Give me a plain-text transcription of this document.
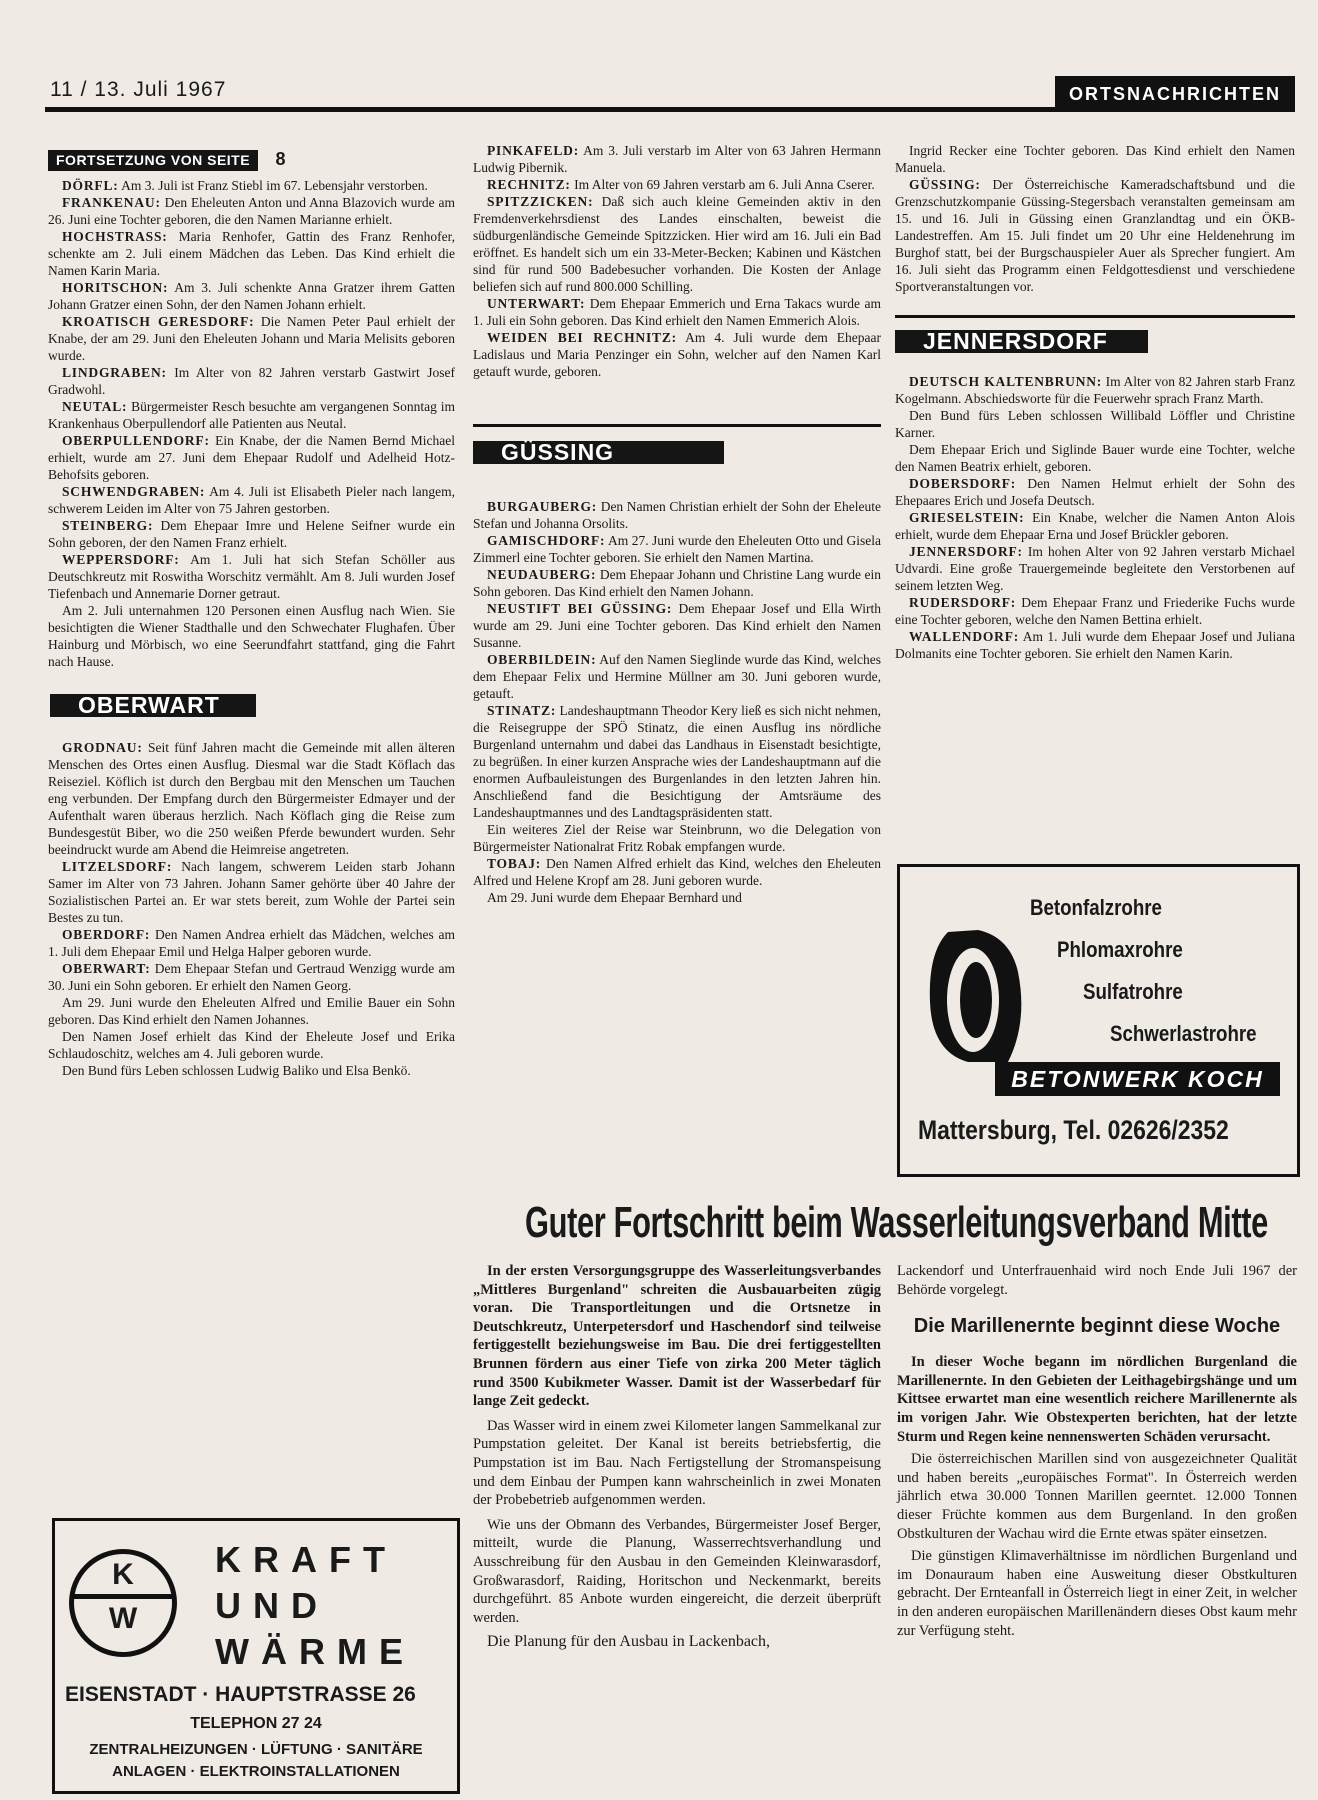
11 / 13. Juli 1967	ORTSNACHRICHTEN
FORTSETZUNG VON SEITE 8

DÖRFL: Am 3. Juli ist Franz Stiebl im 67. Lebensjahr verstorben.

FRANKENAU: Den Eheleuten Anton und Anna Blazovich wurde am 26. Juni eine Tochter geboren, die den Namen Marianne erhielt.

HOCHSTRASS: Maria Renhofer, Gattin des Franz Renhofer, schenkte am 2. Juli einem Mädchen das Leben. Das Kind erhielt die Namen Karin Maria.

HORITSCHON: Am 3. Juli schenkte Anna Gratzer ihrem Gatten Johann Gratzer einen Sohn, der den Namen Johann erhielt.

KROATISCH GERESDORF: Die Namen Peter Paul erhielt der Knabe, der am 29. Juni den Eheleuten Johann und Maria Melisits geboren wurde.

LINDGRABEN: Im Alter von 82 Jahren verstarb Gastwirt Josef Gradwohl.

NEUTAL: Bürgermeister Resch besuchte am vergangenen Sonntag im Krankenhaus Oberpullendorf alle Patienten aus Neutal.

OBERPULLENDORF: Ein Knabe, der die Namen Bernd Michael erhielt, wurde am 27. Juni dem Ehepaar Rudolf und Adelheid Hotz-Behofsits geboren.

SCHWENDGRABEN: Am 4. Juli ist Elisabeth Pieler nach langem, schwerem Leiden im Alter von 75 Jahren gestorben.

STEINBERG: Dem Ehepaar Imre und Helene Seifner wurde ein Sohn geboren, der den Namen Franz erhielt.

WEPPERSDORF: Am 1. Juli hat sich Stefan Schöller aus Deutschkreutz mit Roswitha Worschitz vermählt. Am 8. Juli wurden Josef Tiefenbach und Annemarie Dorner getraut.

Am 2. Juli unternahmen 120 Personen einen Ausflug nach Wien. Sie besichtigten die Wiener Stadthalle und den Schwechater Flughafen. Über Hainburg und Mörbisch, wo eine Seerundfahrt stattfand, ging die Fahrt nach Hause.

OBERWART

GRODNAU: Seit fünf Jahren macht die Gemeinde mit allen älteren Menschen des Ortes einen Ausflug. Diesmal war die Stadt Köflach das Reiseziel. Köflich ist durch den Bergbau mit den Menschen um Tauchen eng verbunden. Der Empfang durch den Bürgermeister Edmayer und der Aufenthalt waren überaus herzlich. Nach Köflach ging die Reise zum Bundesgestüt Biber, wo die 250 weißen Pferde bewundert wurden. Sehr beeindruckt wurde am Abend die Heimreise angetreten.

LITZELSDORF: Nach langem, schwerem Leiden starb Johann Samer im Alter von 73 Jahren. Johann Samer gehörte über 40 Jahre der Sozialistischen Partei an. Er war stets bereit, zum Wohle der Partei sein Bestes zu tun.

OBERDORF: Den Namen Andrea erhielt das Mädchen, welches am 1. Juli dem Ehepaar Emil und Helga Halper geboren wurde.

OBERWART: Dem Ehepaar Stefan und Gertraud Wenzigg wurde am 30. Juni ein Sohn geboren. Er erhielt den Namen Georg.

Am 29. Juni wurde den Eheleuten Alfred und Emilie Bauer ein Sohn geboren. Das Kind erhielt den Namen Johannes.

Den Namen Josef erhielt das Kind der Eheleute Josef und Erika Schlaudoschitz, welches am 4. Juli geboren wurde.

Den Bund fürs Leben schlossen Ludwig Baliko und Elsa Benkö.

PINKAFELD: Am 3. Juli verstarb im Alter von 63 Jahren Hermann Ludwig Pibernik.

RECHNITZ: Im Alter von 69 Jahren verstarb am 6. Juli Anna Cserer.

SPITZZICKEN: Daß sich auch kleine Gemeinden aktiv in den Fremdenverkehrsdienst des Landes einschalten, beweist die südburgenländische Gemeinde Spitzzicken. Hier wird am 16. Juli ein Bad eröffnet. Es handelt sich um ein 33-Meter-Becken; Kabinen und Kästchen sind für rund 500 Badebesucher vorhanden. Die Kosten der Anlage beliefen sich auf rund 800.000 Schilling.

UNTERWART: Dem Ehepaar Emmerich und Erna Takacs wurde am 1. Juli ein Sohn geboren. Das Kind erhielt den Namen Emmerich Alois.

WEIDEN BEI RECHNITZ: Am 4. Juli wurde dem Ehepaar Ladislaus und Maria Penzinger ein Sohn, welcher auf den Namen Karl getauft wurde, geboren.

GÜSSING

BURGAUBERG: Den Namen Christian erhielt der Sohn der Eheleute Stefan und Johanna Orsolits.

GAMISCHDORF: Am 27. Juni wurde den Eheleuten Otto und Gisela Zimmerl eine Tochter geboren. Sie erhielt den Namen Martina.

NEUDAUBERG: Dem Ehepaar Johann und Christine Lang wurde ein Sohn geboren. Das Kind erhielt den Namen Johann.

NEUSTIFT BEI GÜSSING: Dem Ehepaar Josef und Ella Wirth wurde am 29. Juni eine Tochter geboren. Das Kind erhielt den Namen Susanne.

OBERBILDEIN: Auf den Namen Sieglinde wurde das Kind, welches dem Ehepaar Felix und Hermine Müllner am 30. Juni geboren wurde, getauft.

STINATZ: Landeshauptmann Theodor Kery ließ es sich nicht nehmen, die Reisegruppe der SPÖ Stinatz, die einen Ausflug ins nördliche Burgenland unternahm und dabei das Landhaus in Eisenstadt besichtigte, zu begrüßen. In einer kurzen Ansprache wies der Landeshauptmann auf die enormen Aufbauleistungen des Burgenlandes in den letzten Jahren hin. Anschließend fand die Besichtigung der Amtsräume des Landeshauptmannes und des Landtagspräsidenten statt.

Ein weiteres Ziel der Reise war Steinbrunn, wo die Delegation von Bürgermeister Nationalrat Fritz Robak empfangen wurde.

TOBAJ: Den Namen Alfred erhielt das Kind, welches den Eheleuten Alfred und Helene Kropf am 28. Juni geboren wurde.

Am 29. Juni wurde dem Ehepaar Bernhard und

Ingrid Recker eine Tochter geboren. Das Kind erhielt den Namen Manuela.

GÜSSING: Der Österreichische Kameradschaftsbund und die Grenzschutzkompanie Güssing-Stegersbach veranstalten gemeinsam am 15. und 16. Juli in Güssing einen Granzlandtag und ein ÖKB-Landestreffen. Am 15. Juli findet um 20 Uhr eine Heldenehrung im Burghof statt, bei der Burgschauspieler Auer als Sprecher fungiert. Am 16. Juli sieht das Programm einen Feldgottesdienst und verschiedene Sportveranstaltungen vor.

JENNERSDORF

DEUTSCH KALTENBRUNN: Im Alter von 82 Jahren starb Franz Kogelmann. Abschiedsworte für die Feuerwehr sprach Franz Marth.

Den Bund fürs Leben schlossen Willibald Löffler und Christine Karner.

Dem Ehepaar Erich und Siglinde Bauer wurde eine Tochter, welche den Namen Beatrix erhielt, geboren.

DOBERSDORF: Den Namen Helmut erhielt der Sohn des Ehepaares Erich und Josefa Deutsch.

GRIESELSTEIN: Ein Knabe, welcher die Namen Anton Alois erhielt, wurde dem Ehepaar Erna und Josef Brückler geboren.

JENNERSDORF: Im hohen Alter von 92 Jahren verstarb Michael Udvardi. Eine große Trauergemeinde begleitete den Verstorbenen auf seinem letzten Weg.

RUDERSDORF: Dem Ehepaar Franz und Friederike Fuchs wurde eine Tochter geboren, welche den Namen Bettina erhielt.

WALLENDORF: Am 1. Juli wurde dem Ehepaar Josef und Juliana Dolmanits eine Tochter geboren. Sie erhielt den Namen Karin.

Betonfalzrohre
Phlomaxrohre
Sulfatrohre
Schwerlastrohre
BETONWERK KOCH
Mattersburg, Tel. 02626/2352
Guter Fortschritt beim Wasserleitungsverband Mitte

In der ersten Versorgungsgruppe des Wasserleitungsverbandes „Mittleres Burgenland" schreiten die Ausbauarbeiten zügig voran. Die Transportleitungen und die Ortsnetze in Deutschkreutz, Unterpetersdorf und Haschendorf sind teilweise fertiggestellt beziehungsweise im Bau. Die drei fertiggestellten Brunnen fördern aus einer Tiefe von zirka 200 Meter täglich rund 3500 Kubikmeter Wasser. Damit ist der Wasserbedarf für lange Zeit gedeckt.

Das Wasser wird in einem zwei Kilometer langen Sammelkanal zur Pumpstation geleitet. Der Kanal ist bereits betriebsfertig, die Pumpstation ist im Bau. Nach Fertigstellung der Stromanspeisung und dem Einbau der Pumpen kann wahrscheinlich in zwei Monaten der Probebetrieb aufgenommen werden.

Wie uns der Obmann des Verbandes, Bürgermeister Josef Berger, mitteilt, wurde die Planung, Wasserrechtsverhandlung und Ausschreibung für den Ausbau in den Gemeinden Kleinwarasdorf, Großwarasdorf, Raiding, Horitschon und Neckenmarkt, bereits durchgeführt. 85 Anbote wurden eingereicht, die derzeit überprüft werden.

Die Planung für den Ausbau in Lackenbach,

Lackendorf und Unterfrauenhaid wird noch Ende Juli 1967 der Behörde vorgelegt.

Die Marillenernte beginnt diese Woche

In dieser Woche begann im nördlichen Burgenland die Marillenernte. In den Gebieten der Leithagebirgshänge und um Kittsee erwartet man eine wesentlich reichere Marillenernte als im vorigen Jahr. Wie Obstexperten berichten, hat der letzte Sturm und Regen keine nennenswerten Schäden verursacht.

Die österreichischen Marillen sind von ausgezeichneter Qualität und haben bereits „europäisches Format". In Österreich werden jährlich etwa 30.000 Tonnen Marillen geerntet. 12.000 Tonnen dieser Früchte kommen aus dem Burgenland. In den großen Obstkulturen der Wachau wird die Ernte etwas später einsetzen.

Die günstigen Klimaverhältnisse im nördlichen Burgenland und im Donauraum haben eine Ausweitung dieser Obstkulturen gebracht. Der Ernteanfall in Österreich liegt in einer Zeit, in welcher in den anderen europäischen Marillenändern dieses Obst kaum mehr zur Verfügung steht.

K
W
KRAFT
UND
WÄRME
EISENSTADT · HAUPTSTRASSE 26
TELEPHON 27 24
ZENTRALHEIZUNGEN · LÜFTUNG · SANITÄRE
ANLAGEN · ELEKTROINSTALLATIONEN
